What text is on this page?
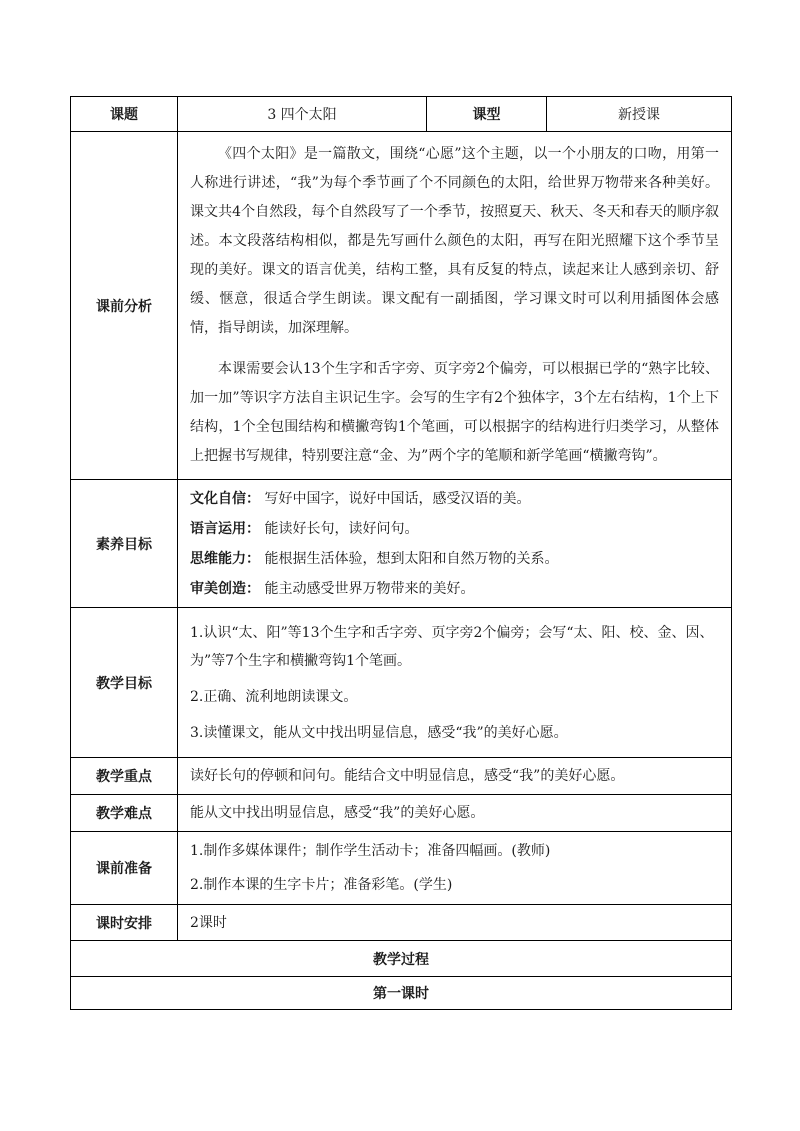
课题	3 四个太阳	课型	新授课
课前分析	《四个太阳》是一篇散文，围绕“心愿”这个主题，以一个小朋友的口吻，用第一人称进行讲述，“我”为每个季节画了个不同颜色的太阳，给世界万物带来各种美好。课文共4个自然段，每个自然段写了一个季节，按照夏天、秋天、冬天和春天的顺序叙述。本文段落结构相似，都是先写画什么颜色的太阳，再写在阳光照耀下这个季节呈现的美好。课文的语言优美，结构工整，具有反复的特点，读起来让人感到亲切、舒缓、惬意，很适合学生朗读。课文配有一副插图，学习课文时可以利用插图体会感情，指导朗读，加深理解。

本课需要会认13个生字和舌字旁、页字旁2个偏旁，可以根据已学的“熟字比较、加一加”等识字方法自主识记生字。会写的生字有2个独体字，3个左右结构，1个上下结构，1个全包围结构和横撇弯钩1个笔画，可以根据字的结构进行归类学习，从整体上把握书写规律，特别要注意“金、为”两个字的笔顺和新学笔画“横撇弯钩”。		

素养目标	文化自信： 写好中国字，说好中国话，感受汉语的美。

语言运用： 能读好长句，读好问句。

思维能力： 能根据生活体验，想到太阳和自然万物的关系。

审美创造： 能主动感受世界万物带来的美好。		

教学目标	1.认识“太、阳”等13个生字和舌字旁、页字旁2个偏旁；会写“太、阳、校、金、因、为”等7个生字和横撇弯钩1个笔画。

2.正确、流利地朗读课文。

3.读懂课文，能从文中找出明显信息，感受“我”的美好心愿。		

教学重点	读好长句的停顿和问句。能结合文中明显信息，感受“我”的美好心愿。		
教学难点	能从文中找出明显信息，感受“我”的美好心愿。		
课前准备	1.制作多媒体课件；制作学生活动卡；准备四幅画。(教师)

2.制作本课的生字卡片；准备彩笔。(学生)		

课时安排	2课时		
教学过程			
第一课时			
